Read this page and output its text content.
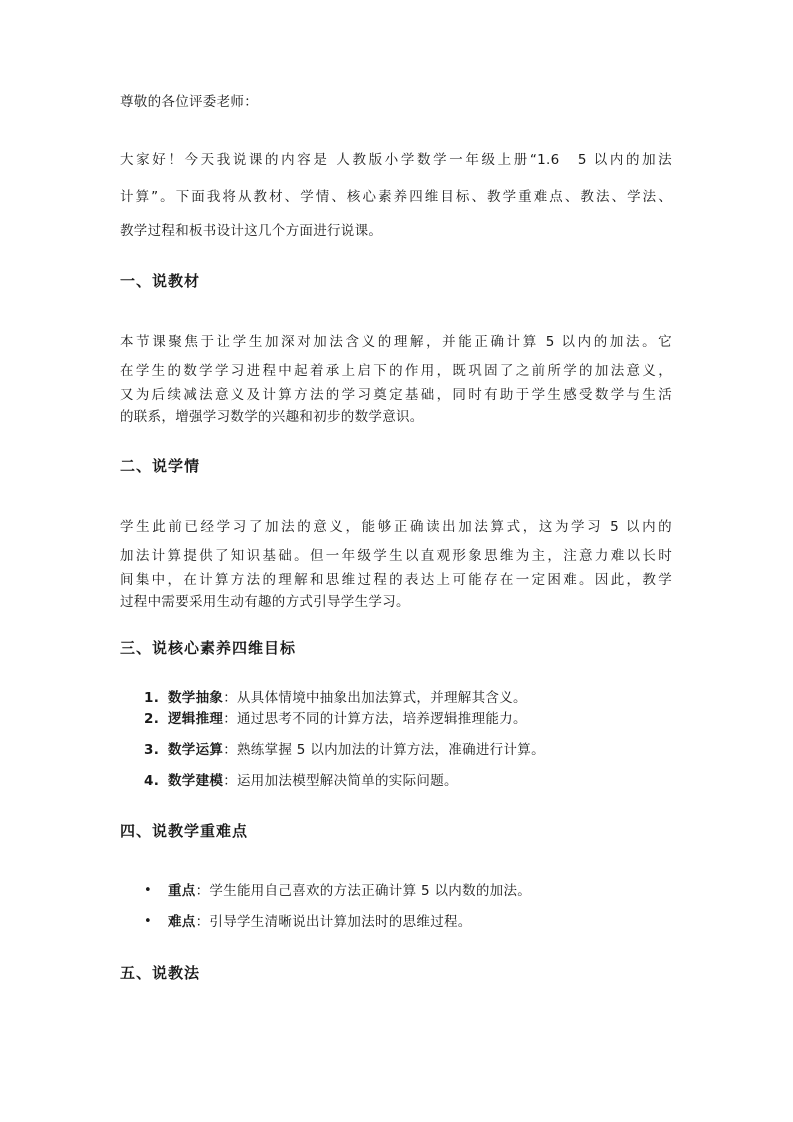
尊敬的各位评委老师：
大家好！今天我说课的内容是 人教版小学数学一年级上册“1.6　5 以内的加法
计算”。下面我将从教材、学情、核心素养四维目标、教学重难点、教法、学法、
教学过程和板书设计这几个方面进行说课。
一、说教材
本节课聚焦于让学生加深对加法含义的理解，并能正确计算 5 以内的加法。它
在学生的数学学习进程中起着承上启下的作用，既巩固了之前所学的加法意义，
又为后续减法意义及计算方法的学习奠定基础，同时有助于学生感受数学与生活
的联系，增强学习数学的兴趣和初步的数学意识。
二、说学情
学生此前已经学习了加法的意义，能够正确读出加法算式，这为学习 5 以内的
加法计算提供了知识基础。但一年级学生以直观形象思维为主，注意力难以长时
间集中，在计算方法的理解和思维过程的表达上可能存在一定困难。因此，教学
过程中需要采用生动有趣的方式引导学生学习。
三、说核心素养四维目标
1. 数学抽象：从具体情境中抽象出加法算式，并理解其含义。
2. 逻辑推理：通过思考不同的计算方法，培养逻辑推理能力。
3. 数学运算：熟练掌握 5 以内加法的计算方法，准确进行计算。
4. 数学建模：运用加法模型解决简单的实际问题。
四、说教学重难点
• 重点：学生能用自己喜欢的方法正确计算 5 以内数的加法。
• 难点：引导学生清晰说出计算加法时的思维过程。
五、说教法
